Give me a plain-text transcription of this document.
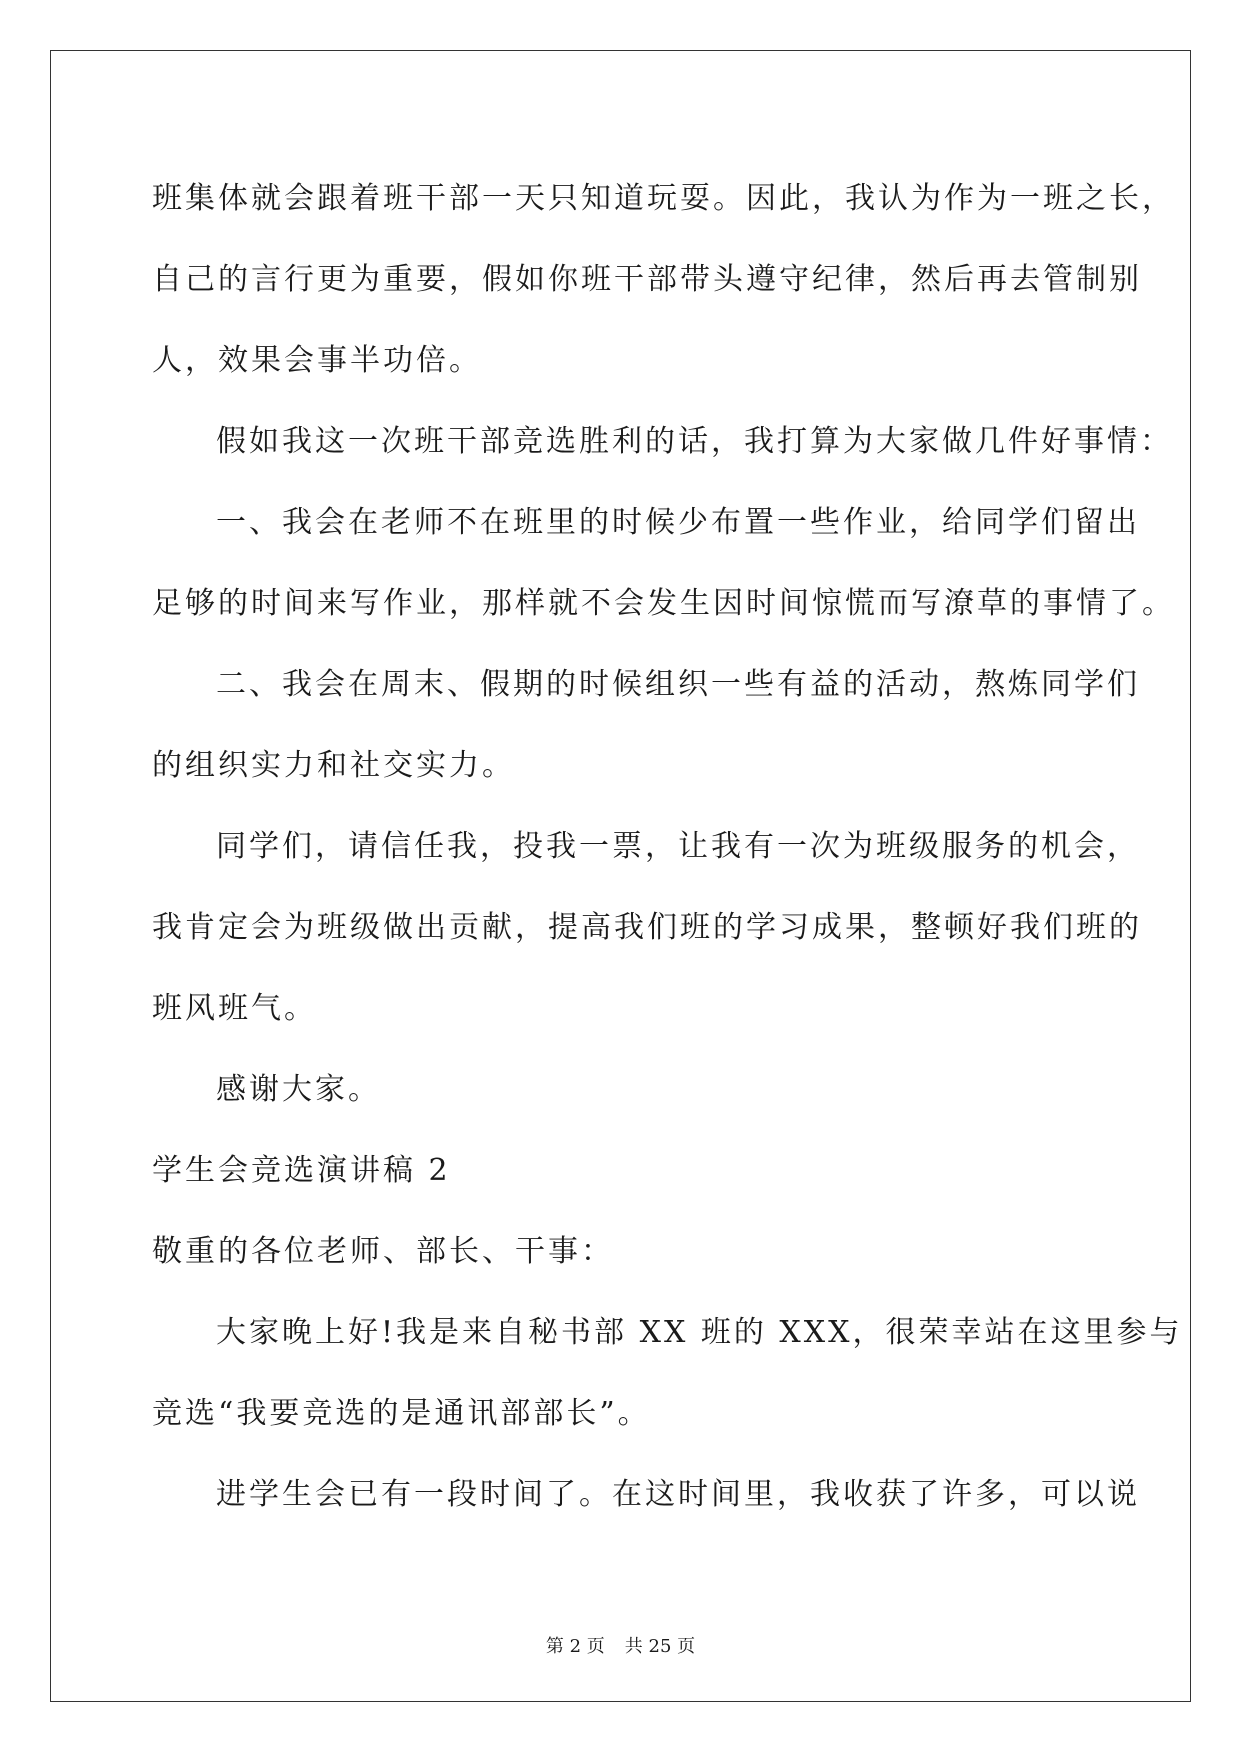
班集体就会跟着班干部一天只知道玩耍。因此，我认为作为一班之长，
自己的言行更为重要，假如你班干部带头遵守纪律，然后再去管制别
人，效果会事半功倍。
假如我这一次班干部竞选胜利的话，我打算为大家做几件好事情：
一、我会在老师不在班里的时候少布置一些作业，给同学们留出
足够的时间来写作业，那样就不会发生因时间惊慌而写潦草的事情了。
二、我会在周末、假期的时候组织一些有益的活动，熬炼同学们
的组织实力和社交实力。
同学们，请信任我，投我一票，让我有一次为班级服务的机会，
我肯定会为班级做出贡献，提高我们班的学习成果，整顿好我们班的
班风班气。
感谢大家。
学生会竞选演讲稿 2
敬重的各位老师、部长、干事：
大家晚上好!我是来自秘书部 XX 班的 XXX，很荣幸站在这里参与
竞选“我要竞选的是通讯部部长”。
进学生会已有一段时间了。在这时间里，我收获了许多，可以说
第 2 页 共 25 页
